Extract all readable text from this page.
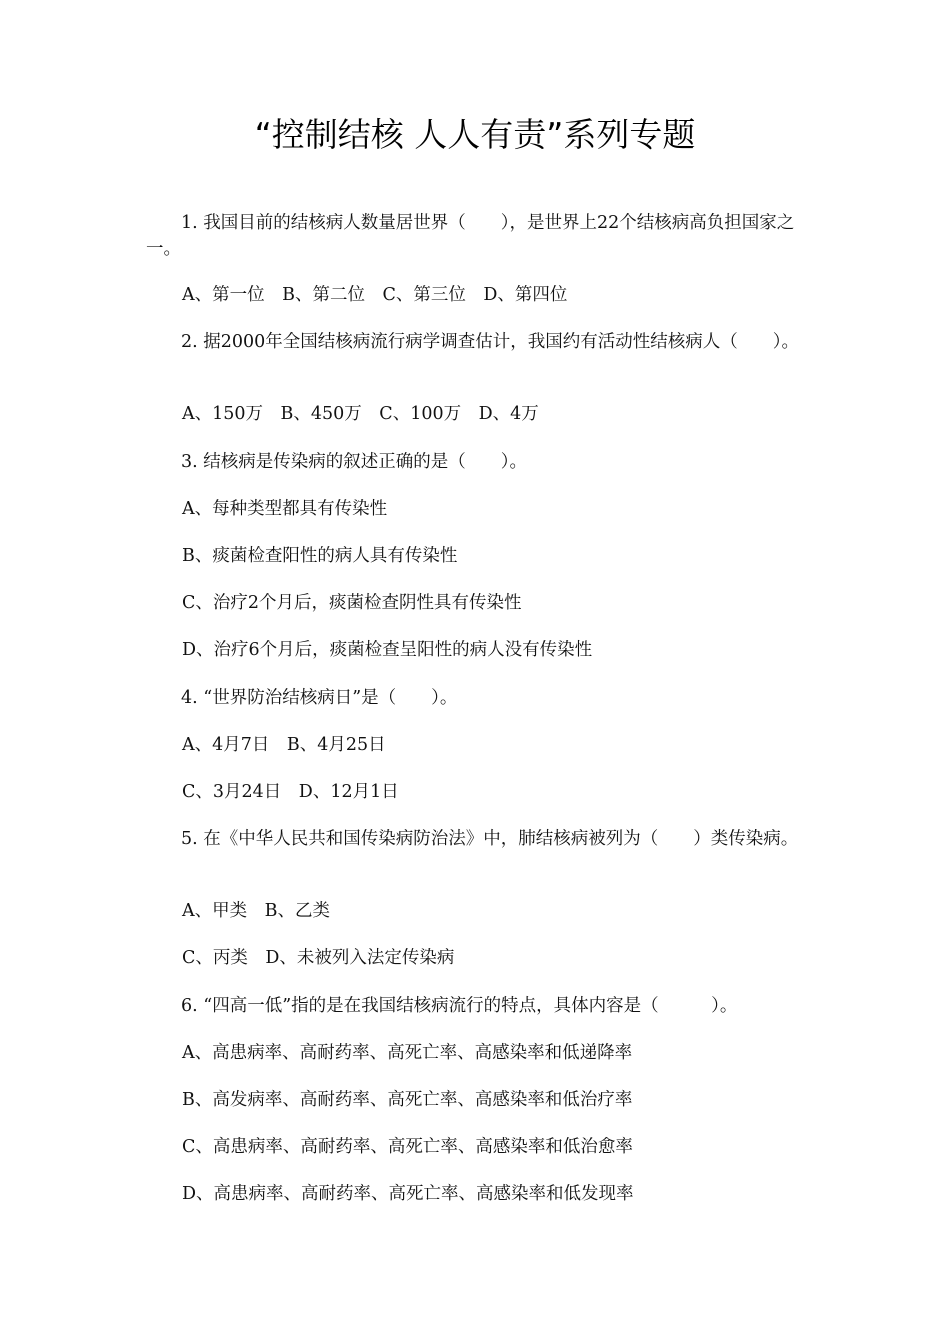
“控制结核 人人有责”系列专题

1. 我国目前的结核病人数量居世界（　　），是世界上22个结核病高负担国家之一。

A、第一位　B、第二位　C、第三位　D、第四位

2. 据2000年全国结核病流行病学调查估计，我国约有活动性结核病人（　　）。

A、150万　B、450万　C、100万　D、4万

3. 结核病是传染病的叙述正确的是（　　）。

A、每种类型都具有传染性

B、痰菌检查阳性的病人具有传染性

C、治疗2个月后，痰菌检查阴性具有传染性

D、治疗6个月后，痰菌检查呈阳性的病人没有传染性

4. “世界防治结核病日”是（　　）。

A、4月7日　B、4月25日

C、3月24日　D、12月1日

5. 在《中华人民共和国传染病防治法》中，肺结核病被列为（　　）类传染病。

A、甲类　B、乙类

C、丙类　D、未被列入法定传染病

6. “四高一低”指的是在我国结核病流行的特点，具体内容是（　　　）。

A、高患病率、高耐药率、高死亡率、高感染率和低递降率

B、高发病率、高耐药率、高死亡率、高感染率和低治疗率

C、高患病率、高耐药率、高死亡率、高感染率和低治愈率

D、高患病率、高耐药率、高死亡率、高感染率和低发现率
